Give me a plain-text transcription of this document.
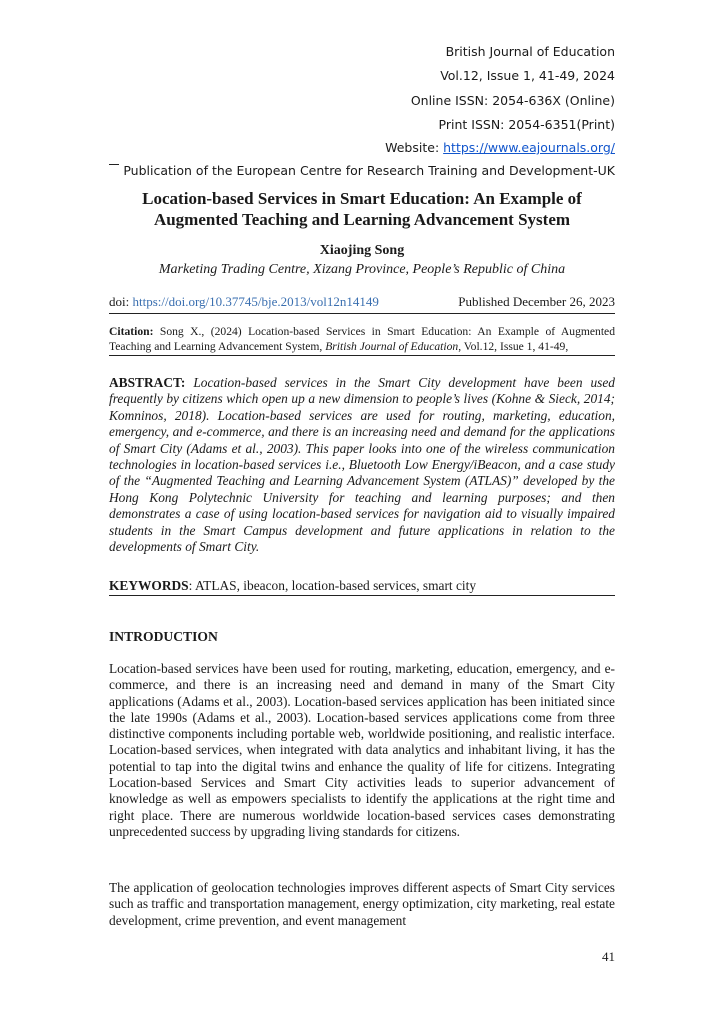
British Journal of Education
Vol.12, Issue 1, 41-49, 2024
Online ISSN: 2054-636X (Online)
Print ISSN: 2054-6351(Print)
Website: https://www.eajournals.org/
Publication of the European Centre for Research Training and Development-UK
Location-based Services in Smart Education: An Example of
Augmented Teaching and Learning Advancement System
Xiaojing Song
Marketing Trading Centre, Xizang Province, People’s Republic of China
doi: https://doi.org/10.37745/bje.2013/vol12n14149	Published December 26, 2023
Citation: Song X., (2024) Location-based Services in Smart Education: An Example of Augmented Teaching and Learning Advancement System, British Journal of Education, Vol.12, Issue 1, 41-49,
ABSTRACT: Location-based services in the Smart City development have been used frequently by citizens which open up a new dimension to people’s lives (Kohne & Sieck, 2014; Komninos, 2018). Location-based services are used for routing, marketing, education, emergency, and e-commerce, and there is an increasing need and demand for the applications of Smart City (Adams et al., 2003). This paper looks into one of the wireless communication technologies in location-based services i.e., Bluetooth Low Energy/iBeacon, and a case study of the “Augmented Teaching and Learning Advancement System (ATLAS)” developed by the Hong Kong Polytechnic University for teaching and learning purposes; and then demonstrates a case of using location-based services for navigation aid to visually impaired students in the Smart Campus development and future applications in relation to the developments of Smart City.
KEYWORDS: ATLAS, ibeacon, location-based services, smart city
INTRODUCTION
Location-based services have been used for routing, marketing, education, emergency, and e-commerce, and there is an increasing need and demand in many of the Smart City applications (Adams et al., 2003). Location-based services application has been initiated since the late 1990s (Adams et al., 2003). Location-based services applications come from three distinctive components including portable web, worldwide positioning, and realistic interface. Location-based services, when integrated with data analytics and inhabitant living, it has the potential to tap into the digital twins and enhance the quality of life for citizens. Integrating Location-based Services and Smart City activities leads to superior advancement of knowledge as well as empowers specialists to identify the applications at the right time and right place. There are numerous worldwide location-based services cases demonstrating unprecedented success by upgrading living standards for citizens.
The application of geolocation technologies improves different aspects of Smart City services such as traffic and transportation management, energy optimization, city marketing, real estate development, crime prevention, and event management
41
